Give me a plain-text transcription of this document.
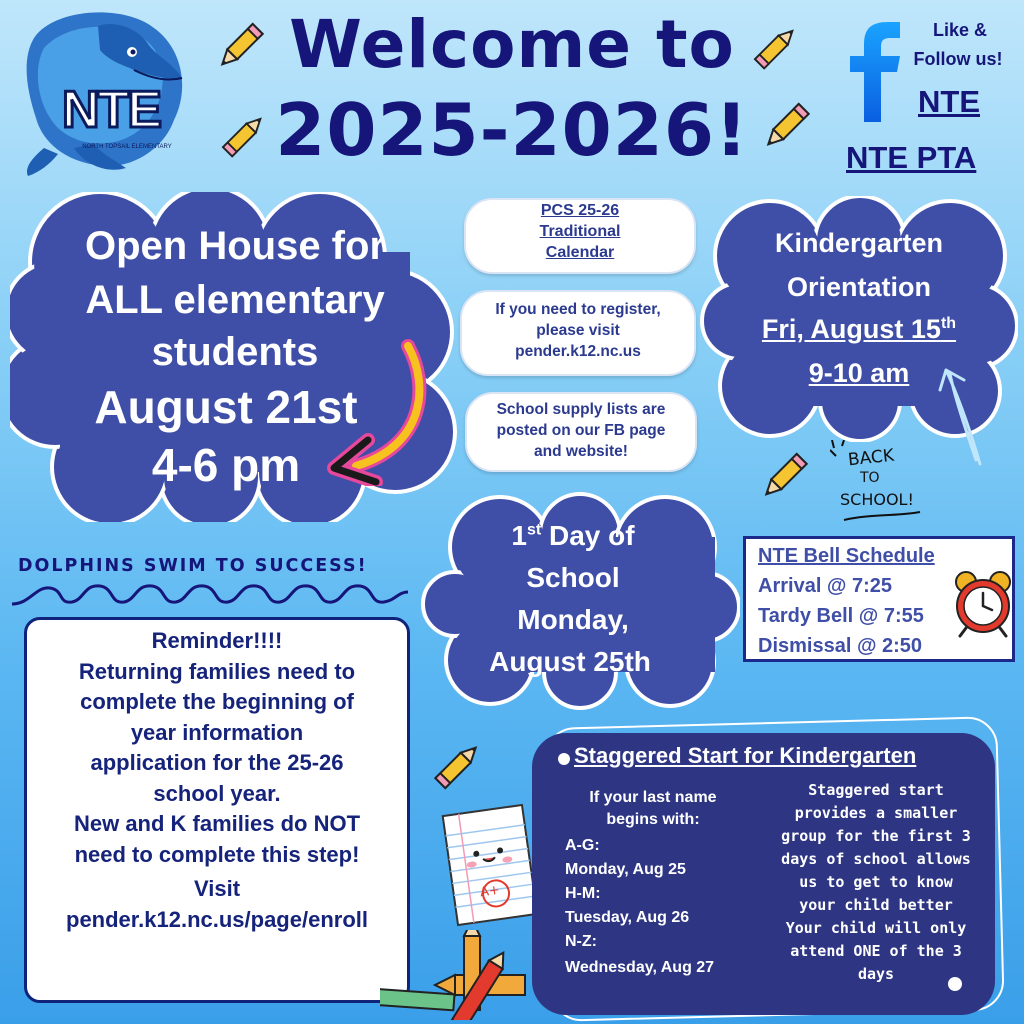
NTE
NORTH TOPSAIL ELEMENTARY
Welcome to
2025-2026!
Like &
Follow us!
NTE
NTE PTA
Open House for
ALL elementary
students
August 21st
4-6 pm
PCS 25-26
Traditional
Calendar
If you need to register,
please visit
pender.k12.nc.us
School supply lists are
posted on our FB page
and website!
Kindergarten
Orientation
Fri, August 15th
9-10 am
BACK
TO
SCHOOL!
1st Day of
School
Monday,
August 25th
DOLPHINS SWIM TO SUCCESS!	NTE Bell Schedule
Arrival @ 7:25
Tardy Bell @ 7:55
Dismissal @ 2:50
Reminder!!!!
Returning families need to
complete the beginning of
year information
application for the 25-26
school year.
New and K families do NOT
need to complete this step!
Visit
pender.k12.nc.us/page/enroll
A+
Staggered Start for Kindergarten
If your last name
begins with:
A-G:
Monday, Aug 25
H-M:
Tuesday, Aug 26
N-Z:
Wednesday, Aug 27
Staggered start
provides a smaller
group for the first 3
days of school allows
us to get to know
your child better
Your child will only
attend ONE of the 3
days
